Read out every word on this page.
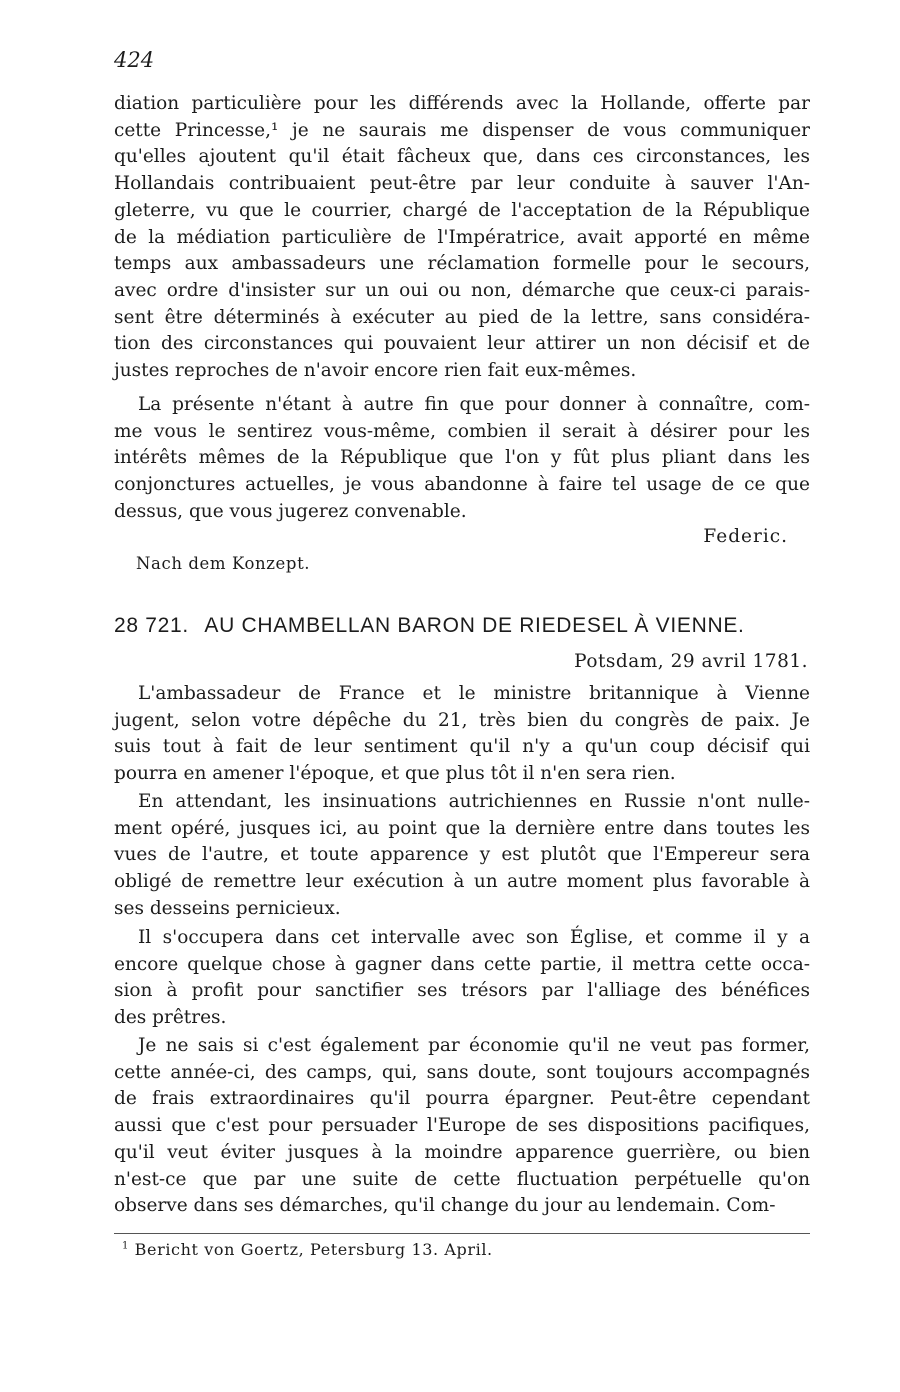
424
diation particulière pour les différends avec la Hollande, offerte par
cette Princesse,¹ je ne saurais me dispenser de vous communiquer
qu'elles ajoutent qu'il était fâcheux que, dans ces circonstances, les
Hollandais contribuaient peut-être par leur conduite à sauver l'An-
gleterre, vu que le courrier, chargé de l'acceptation de la République
de la médiation particulière de l'Impératrice, avait apporté en même
temps aux ambassadeurs une réclamation formelle pour le secours,
avec ordre d'insister sur un oui ou non, démarche que ceux-ci parais-
sent être déterminés à exécuter au pied de la lettre, sans considéra-
tion des circonstances qui pouvaient leur attirer un non décisif et de
justes reproches de n'avoir encore rien fait eux-mêmes.
La présente n'étant à autre fin que pour donner à connaître, com-
me vous le sentirez vous-même, combien il serait à désirer pour les
intérêts mêmes de la République que l'on y fût plus pliant dans les
conjonctures actuelles, je vous abandonne à faire tel usage de ce que
dessus, que vous jugerez convenable.
Federic.
Nach dem Konzept.
28 721. AU CHAMBELLAN BARON DE RIEDESEL À VIENNE.
Potsdam, 29 avril 1781.
L'ambassadeur de France et le ministre britannique à Vienne
jugent, selon votre dépêche du 21, très bien du congrès de paix. Je
suis tout à fait de leur sentiment qu'il n'y a qu'un coup décisif qui
pourra en amener l'époque, et que plus tôt il n'en sera rien.
En attendant, les insinuations autrichiennes en Russie n'ont nulle-
ment opéré, jusques ici, au point que la dernière entre dans toutes les
vues de l'autre, et toute apparence y est plutôt que l'Empereur sera
obligé de remettre leur exécution à un autre moment plus favorable à
ses desseins pernicieux.
Il s'occupera dans cet intervalle avec son Église, et comme il y a
encore quelque chose à gagner dans cette partie, il mettra cette occa-
sion à profit pour sanctifier ses trésors par l'alliage des bénéfices
des prêtres.
Je ne sais si c'est également par économie qu'il ne veut pas former,
cette année-ci, des camps, qui, sans doute, sont toujours accompagnés
de frais extraordinaires qu'il pourra épargner. Peut-être cependant
aussi que c'est pour persuader l'Europe de ses dispositions pacifiques,
qu'il veut éviter jusques à la moindre apparence guerrière, ou bien
n'est-ce que par une suite de cette fluctuation perpétuelle qu'on
observe dans ses démarches, qu'il change du jour au lendemain. Com-
$^1$ Bericht von Goertz, Petersburg 13. April.
